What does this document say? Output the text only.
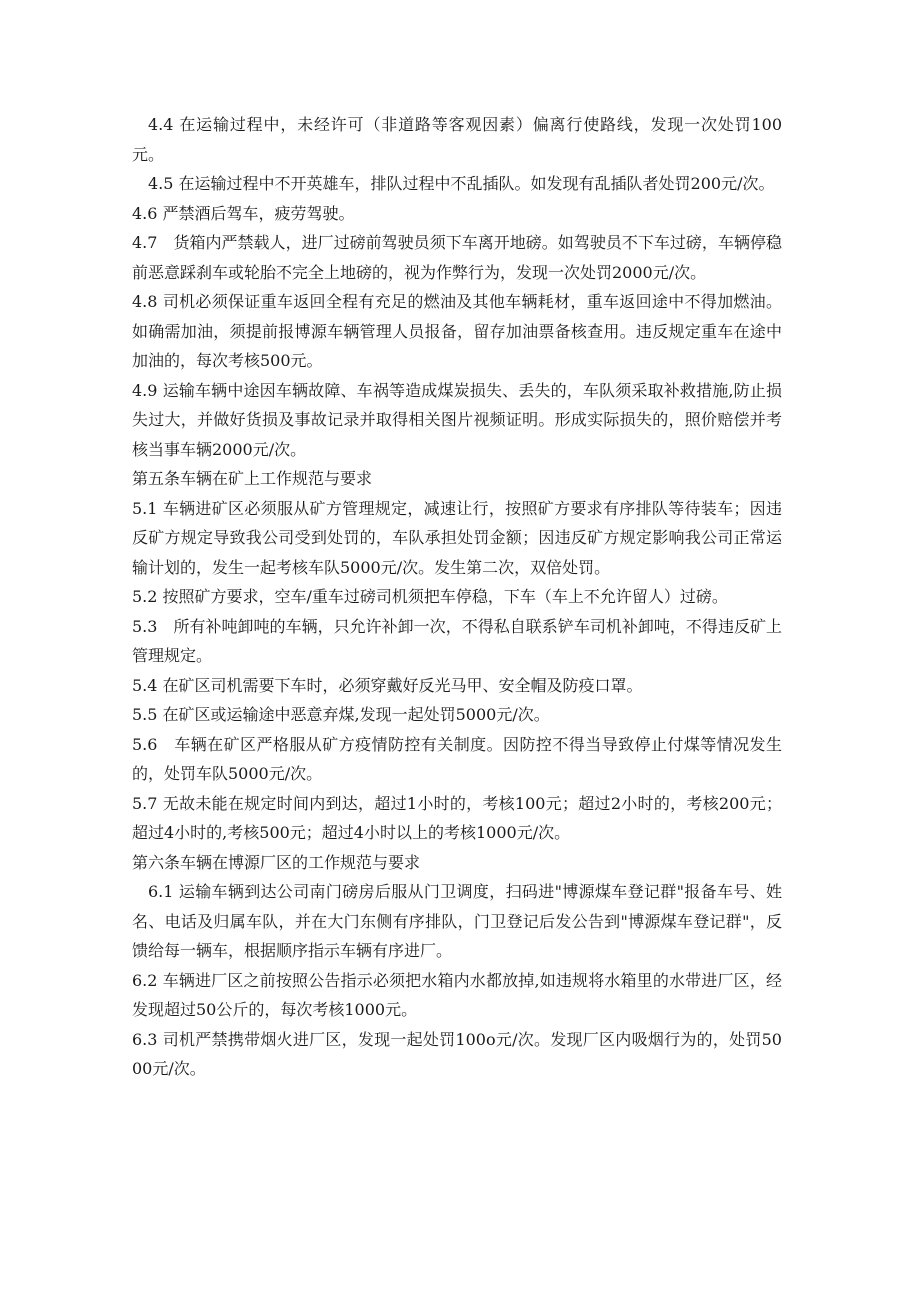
4.4 在运输过程中，未经许可（非道路等客观因素）偏离行使路线，发现一次处罚100元。

4.5 在运输过程中不开英雄车，排队过程中不乱插队。如发现有乱插队者处罚200元/次。

4.6 严禁酒后驾车，疲劳驾驶。

4.7　货箱内严禁载人，进厂过磅前驾驶员须下车离开地磅。如驾驶员不下车过磅，车辆停稳前恶意踩刹车或轮胎不完全上地磅的，视为作弊行为，发现一次处罚2000元/次。

4.8 司机必须保证重车返回全程有充足的燃油及其他车辆耗材，重车返回途中不得加燃油。如确需加油，须提前报博源车辆管理人员报备，留存加油票备核查用。违反规定重车在途中加油的，每次考核500元。

4.9 运输车辆中途因车辆故障、车祸等造成煤炭损失、丢失的，车队须采取补救措施,防止损失过大，并做好货损及事故记录并取得相关图片视频证明。形成实际损失的，照价赔偿并考核当事车辆2000元/次。

第五条车辆在矿上工作规范与要求

5.1 车辆进矿区必须服从矿方管理规定，减速让行，按照矿方要求有序排队等待装车；因违反矿方规定导致我公司受到处罚的，车队承担处罚金额；因违反矿方规定影响我公司正常运输计划的，发生一起考核车队5000元/次。发生第二次，双倍处罚。

5.2 按照矿方要求，空车/重车过磅司机须把车停稳，下车（车上不允许留人）过磅。

5.3　所有补吨卸吨的车辆，只允许补卸一次，不得私自联系铲车司机补卸吨，不得违反矿上管理规定。

5.4 在矿区司机需要下车时，必须穿戴好反光马甲、安全帽及防疫口罩。

5.5 在矿区或运输途中恶意弃煤,发现一起处罚5000元/次。

5.6　车辆在矿区严格服从矿方疫情防控有关制度。因防控不得当导致停止付煤等情况发生的，处罚车队5000元/次。

5.7 无故未能在规定时间内到达，超过1小时的，考核100元；超过2小时的，考核200元；超过4小时的,考核500元；超过4小时以上的考核1000元/次。

第六条车辆在博源厂区的工作规范与要求

6.1 运输车辆到达公司南门磅房后服从门卫调度，扫码进"博源煤车登记群"报备车号、姓名、电话及归属车队，并在大门东侧有序排队，门卫登记后发公告到"博源煤车登记群"，反馈给每一辆车，根据顺序指示车辆有序进厂。

6.2 车辆进厂区之前按照公告指示必须把水箱内水都放掉,如违规将水箱里的水带进厂区，经发现超过50公斤的，每次考核1000元。

6.3 司机严禁携带烟火进厂区，发现一起处罚100o元/次。发现厂区内吸烟行为的，处罚5000元/次。
